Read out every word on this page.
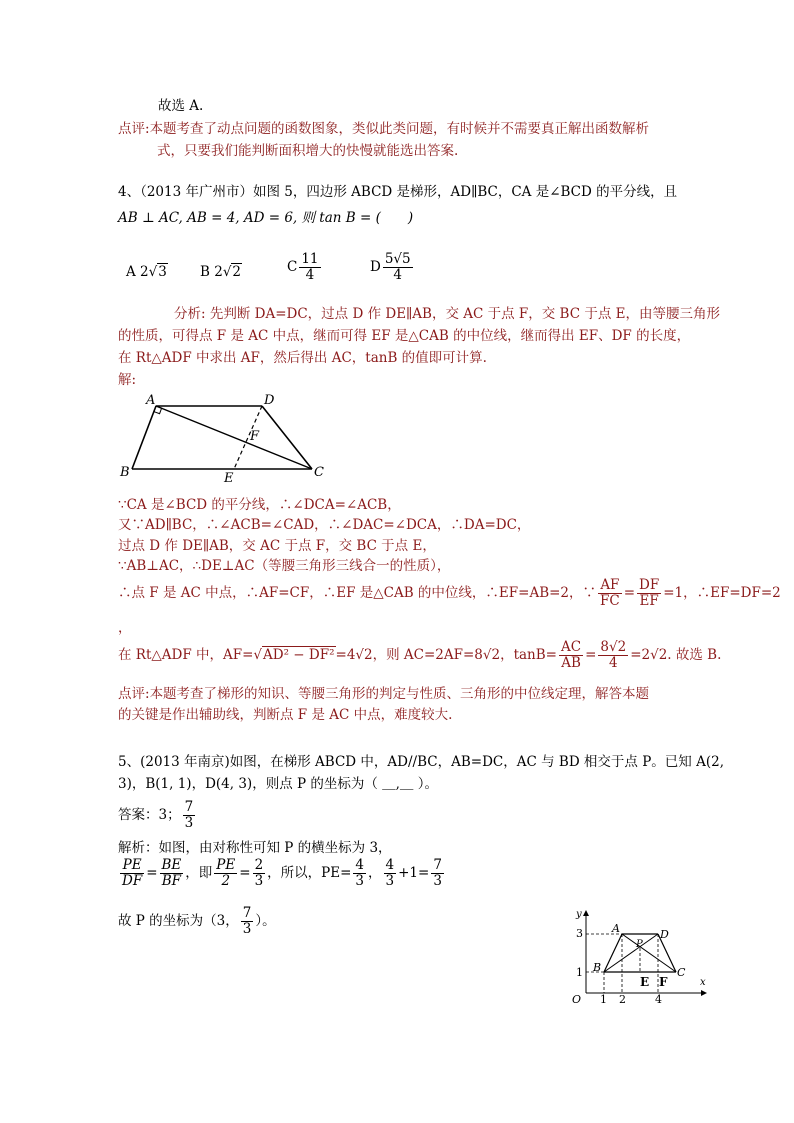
故选 A.
点评:本题考查了动点问题的函数图象，类似此类问题，有时候并不需要真正解出函数解析
式，只要我们能判断面积增大的快慢就能选出答案.
4、（2013 年广州市）如图 5，四边形 ABCD 是梯形，AD∥BC，CA 是∠BCD 的平分线，且
AB ⊥ AC, AB = 4, AD = 6, 则 tan B = (　　)
A 2√3 B 2√2	C $\frac{11}{4}$	D $\frac{5√5}{4}$
分析: 先判断 DA=DC，过点 D 作 DE∥AB，交 AC 于点 F，交 BC 于点 E，由等腰三角形
的性质，可得点 F 是 AC 中点，继而可得 EF 是△CAB 的中位线，继而得出 EF、DF 的长度，
在 Rt△ADF 中求出 AF，然后得出 AC，tanB 的值即可计算.
解:
A	D
B	C
E
F
∵CA 是∠BCD 的平分线，∴∠DCA=∠ACB，
又∵AD∥BC，∴∠ACB=∠CAD，∴∠DAC=∠DCA，∴DA=DC，
过点 D 作 DE∥AB，交 AC 于点 F，交 BC 于点 E，
∵AB⊥AC，∴DE⊥AC（等腰三角形三线合一的性质），
∴点 F 是 AC 中点，∴AF=CF，∴EF 是△CAB 的中位线，∴EF=AB=2，∵ $\frac{AF}{FC} = \frac{DF}{EF} =1$，∴EF=DF=2
，
在 Rt△ADF 中，AF=√AD² − DF²=4√2，则 AC=2AF=8√2，$\tan B= \frac{AC}{AB} = \frac{8√2}{4} =2√2$. 故选 B.
点评:本题考查了梯形的知识、等腰三角形的判定与性质、三角形的中位线定理，解答本题
的关键是作出辅助线，判断点 F 是 AC 中点，难度较大.
5、(2013 年南京)如图，在梯形 ABCD 中，AD//BC，AB=DC，AC 与 BD 相交于点 P。已知 A(2,
3)，B(1, 1)，D(4, 3)，则点 P 的坐标为（ ＿,＿ ）。
答案：3； $\frac{7}{3}$
解析：如图，由对称性可知 P 的横坐标为 3，
$\frac{PE}{DF} = \frac{BE}{BF}$ ，即 $\frac{PE}{2} = \frac{2}{3}$ ，所以，$PE= \frac{4}{3}$ ， $\frac{4}{3} +1= \frac{7}{3}$
故 P 的坐标为（3， $\frac{7}{3}$ ）。
x
y
O
3
1
1 2	4
A	D
B	C
P
E F
